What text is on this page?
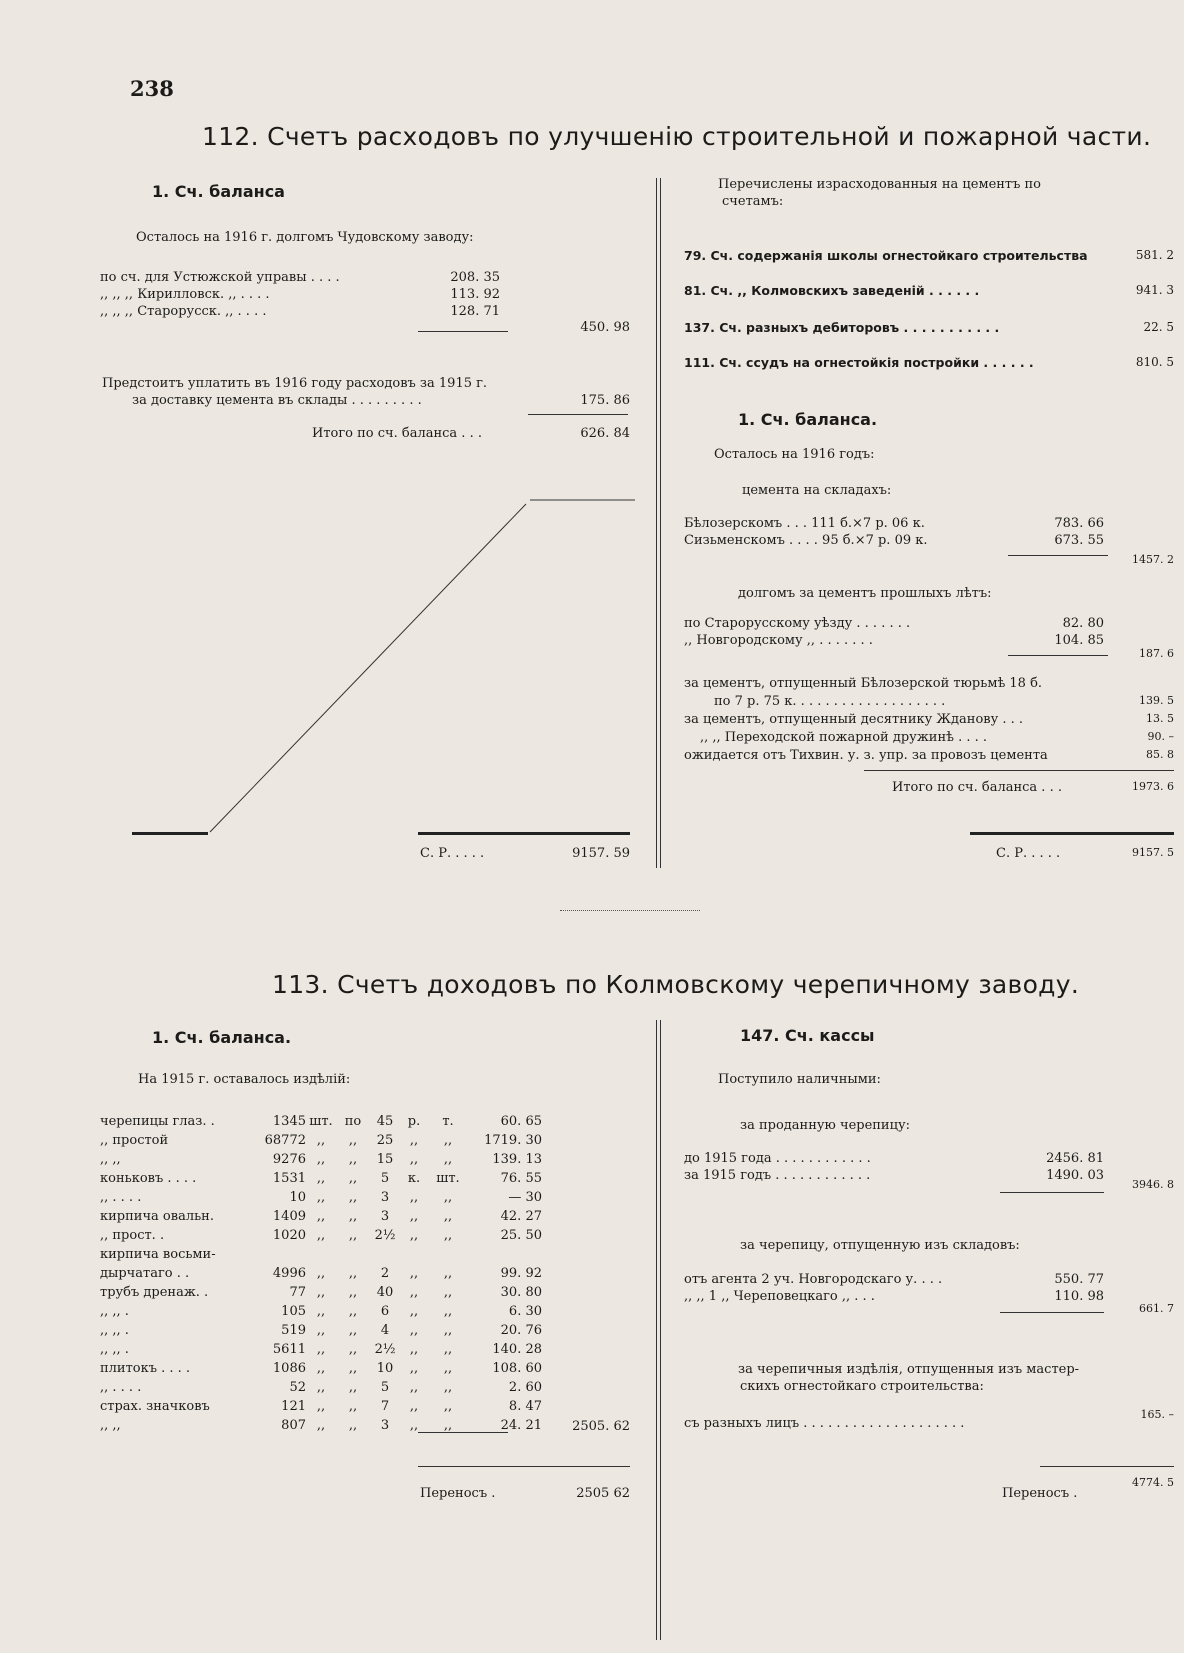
238
112. Счетъ расходовъ по улучшенію строительной и пожарной части.
1. Сч. баланса
Осталось на 1916 г. долгомъ Чудовскому заводу:
по сч. для Устюжской управы . . . .	208. 35
,, ,, ,, Кирилловск. ,, . . . .	113. 92
,, ,, ,, Старорусск. ,, . . . .	128. 71
450. 98
Предстоитъ уплатить въ 1916 году расходовъ за 1915 г.
за доставку цемента въ склады . . . . . . . . .	175. 86
Итого по сч. баланса . . .	626. 84
С. Р. . . . .	9157. 59
Перечислены израсходованныя на цементъ по
счетамъ:
79. Сч. содержанія школы огнестойкаго строительства	581. 2
81. Сч. ,, Колмовскихъ заведеній . . . . . .	941. 3
137. Сч. разныхъ дебиторовъ . . . . . . . . . . .	22. 5
111. Сч. ссудъ на огнестойкія постройки . . . . . .	810. 5
1. Сч. баланса.
Осталось на 1916 годъ:
цемента на складахъ:
Бѣлозерскомъ . . . 111 б.×7 р. 06 к.	783. 66
Сизьменскомъ . . . . 95 б.×7 р. 09 к.	673. 55
1457. 2
долгомъ за цементъ прошлыхъ лѣтъ:
по Старорусскому уѣзду . . . . . . .	82. 80
,, Новгородскому ,, . . . . . . .	104. 85
187. 6
за цементъ, отпущенный Бѣлозерской тюрьмѣ 18 б.
по 7 р. 75 к. . . . . . . . . . . . . . . . . . .	139. 5
за цементъ, отпущенный десятнику Жданову . . .	13. 5
,, ,, Переходской пожарной дружинѣ . . . .	90. –
ожидается отъ Тихвин. у. з. упр. за провозъ цемента	85. 8
Итого по сч. баланса . . .	1973. 6
С. Р. . . . .	9157. 5
113. Счетъ доходовъ по Колмовскому черепичному заводу.
1. Сч. баланса.
На 1915 г. оставалось издѣлій:
черепицы глаз. .	1345	шт.	по	45	р.	т.	60. 65
,, простой	68772	,,	,,	25	,,	,,	1719. 30
,, ,,	9276	,,	,,	15	,,	,,	139. 13
коньковъ . . . .	1531	,,	,,	5	к.	шт.	76. 55
,, . . . .	10	,,	,,	3	,,	,,	— 30
кирпича овальн.	1409	,,	,,	3	,,	,,	42. 27
,, прост. .	1020	,,	,,	2½	,,	,,	25. 50
кирпича восьми-							
дырчатаго . .	4996	,,	,,	2	,,	,,	99. 92
трубъ дренаж. .	77	,,	,,	40	,,	,,	30. 80
,, ,, .	105	,,	,,	6	,,	,,	6. 30
,, ,, .	519	,,	,,	4	,,	,,	20. 76
,, ,, .	5611	,,	,,	2½	,,	,,	140. 28
плитокъ . . . .	1086	,,	,,	10	,,	,,	108. 60
,, . . . .	52	,,	,,	5	,,	,,	2. 60
страх. значковъ	121	,,	,,	7	,,	,,	8. 47
,, ,,	807	,,	,,	3	,,	,,	24. 21	2505. 62
Переносъ .	2505 62
147. Сч. кассы
Поступило наличными:
за проданную черепицу:
до 1915 года . . . . . . . . . . . .	2456. 81
за 1915 годъ . . . . . . . . . . . .	1490. 03
3946. 8
за черепицу, отпущенную изъ складовъ:
отъ агента 2 уч. Новгородскаго у. . . .	550. 77
,, ,, 1 ,, Череповецкаго ,, . . .	110. 98
661. 7
за черепичныя издѣлія, отпущенныя изъ мастер-
скихъ огнестойкаго строительства:
съ разныхъ лицъ . . . . . . . . . . . . . . . . . . . .
165. –
Переносъ .
4774. 5
